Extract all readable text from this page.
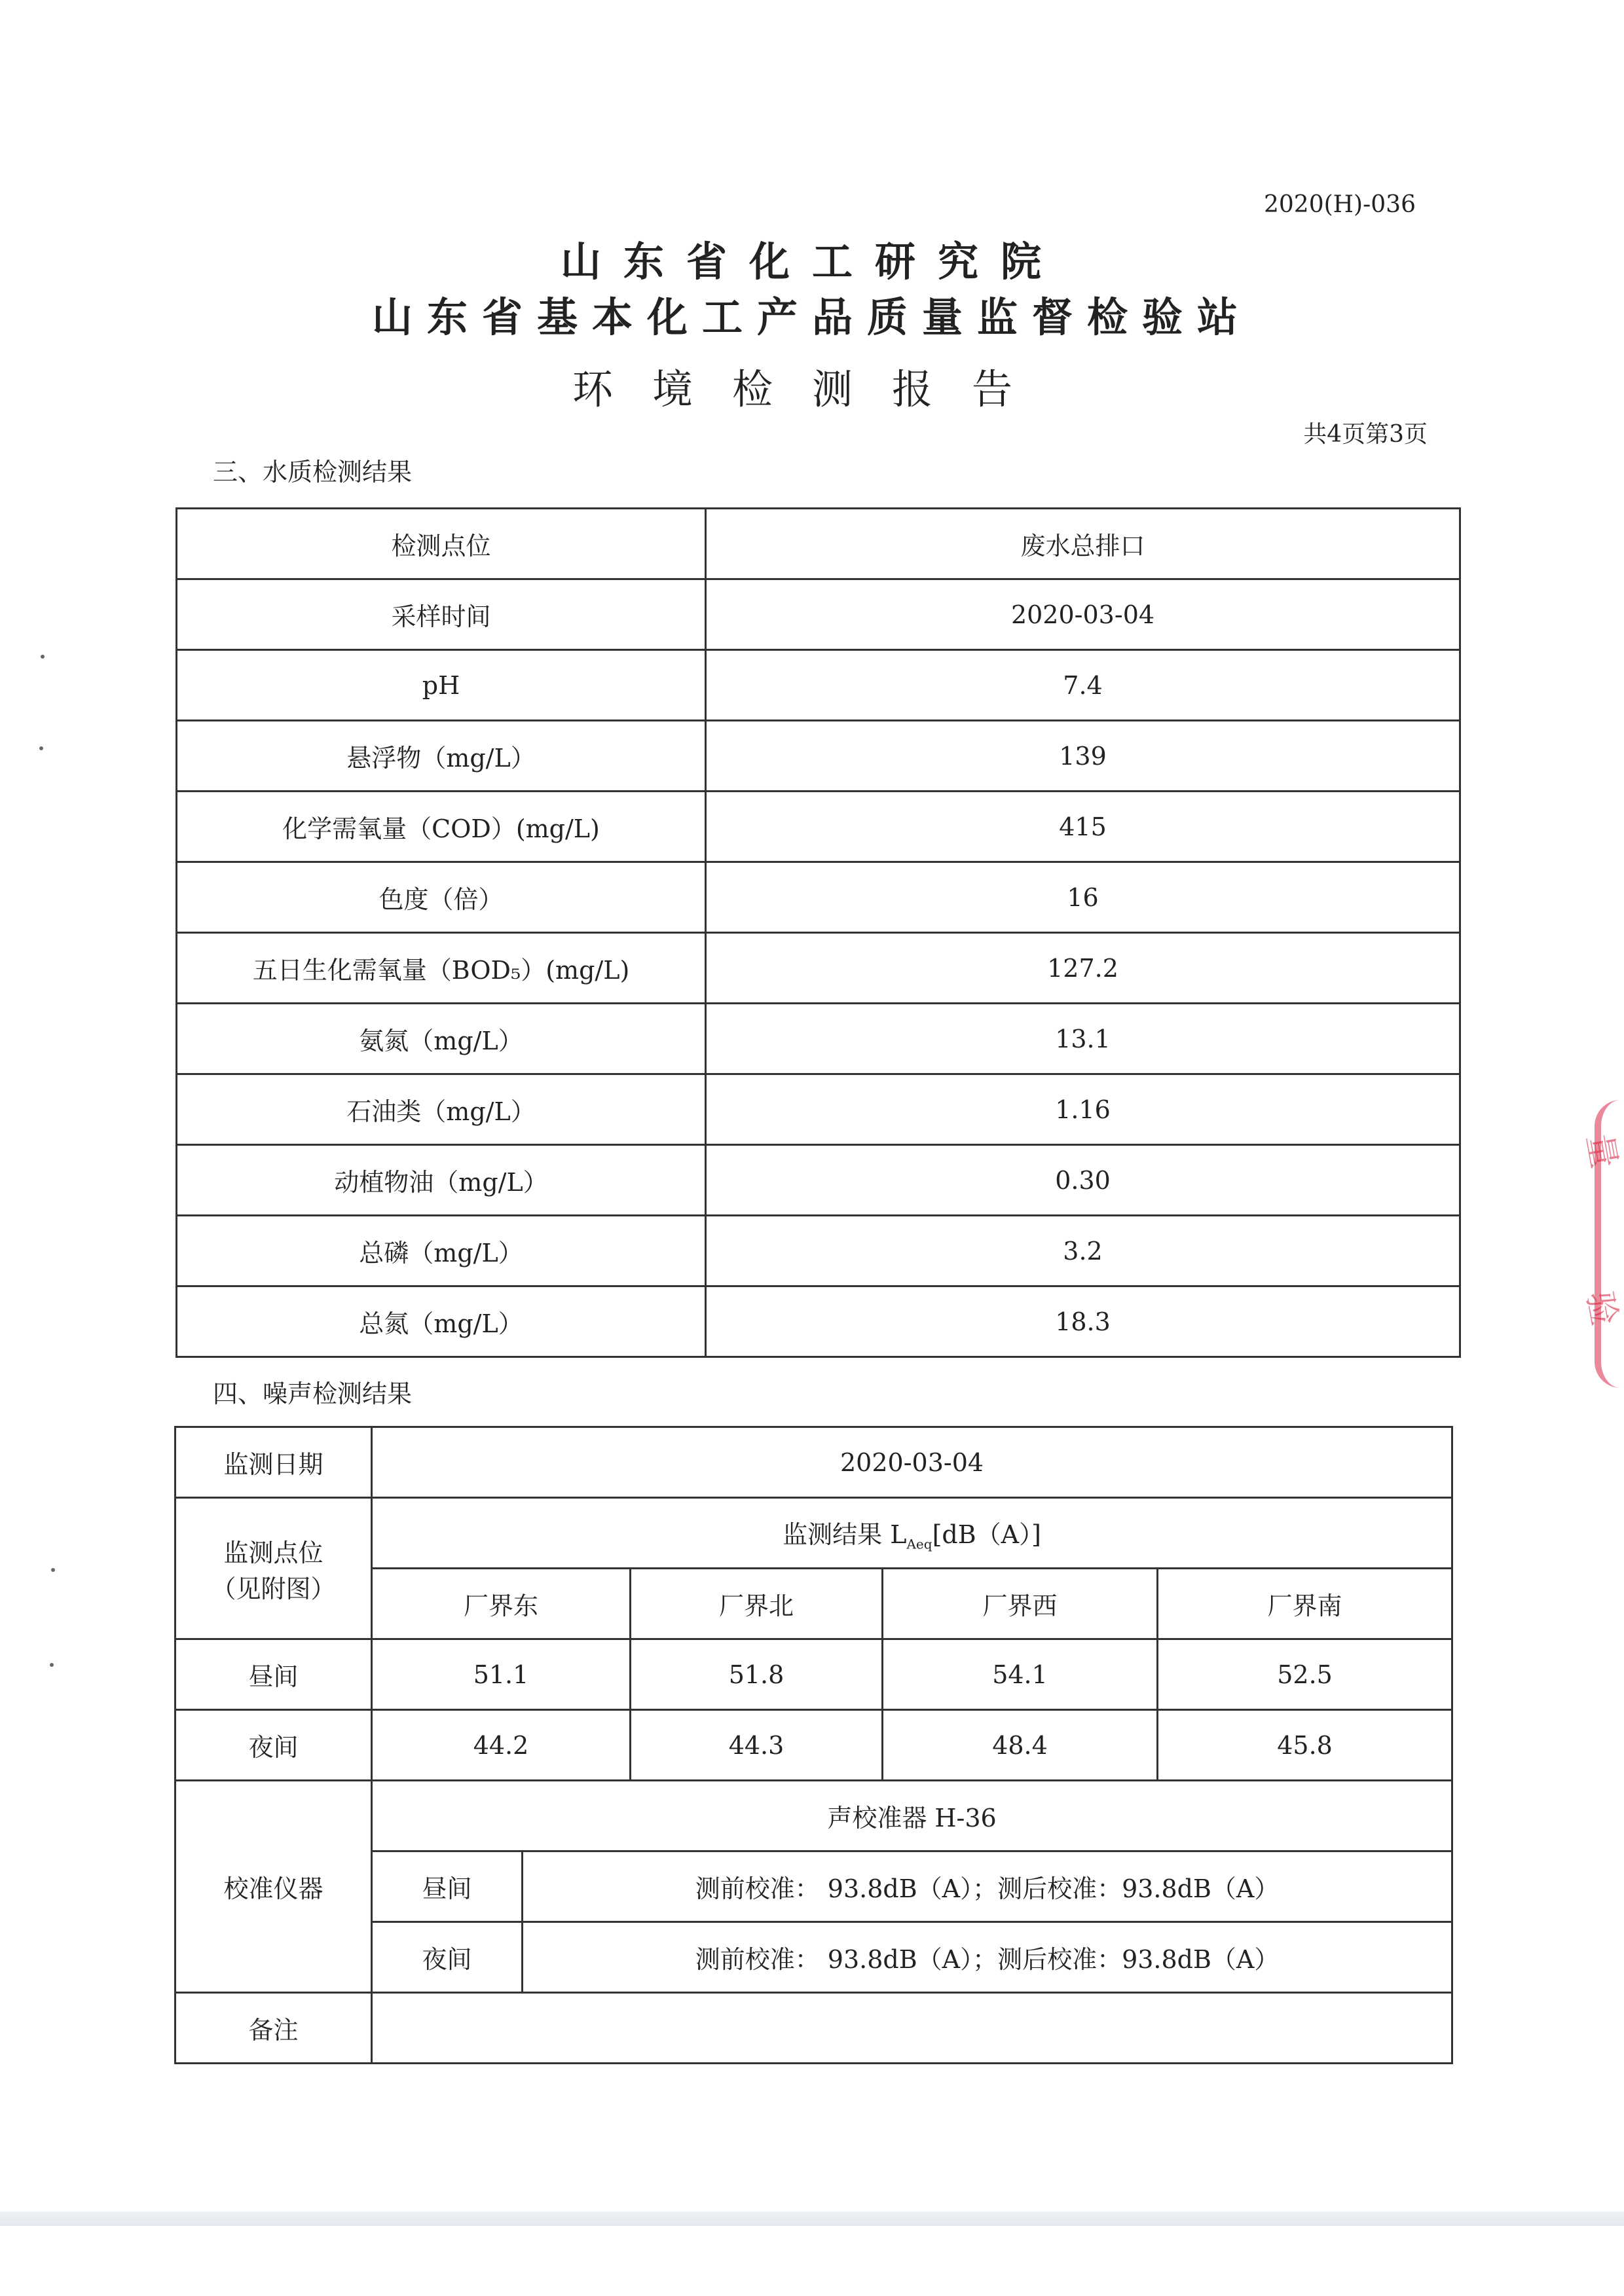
2020(H)-036
山东省化工研究院
山东省基本化工产品质量监督检验站
环境检测报告
共4页第3页
三、水质检测结果
检测点位	废水总排口
采样时间	2020-03-04
pH	7.4
悬浮物（mg/L）	139
化学需氧量（COD）(mg/L)	415
色度（倍）	16
五日生化需氧量（BOD₅）(mg/L)	127.2
氨氮（mg/L）	13.1
石油类（mg/L）	1.16
动植物油（mg/L）	0.30
总磷（mg/L）	3.2
总氮（mg/L）	18.3
四、噪声检测结果
监测日期	2020-03-04				

监测点位
（见附图）	监测结果 $L_{Aeq}[dB(A)]$				
	厂界东		厂界北	厂界西	厂界南
昼间	51.1		51.8	54.1	52.5
夜间	44.2		44.3	48.4	45.8
校准仪器	声校准器 H-36				
	昼间	测前校准： 93.8dB（A）；测后校准：93.8dB（A）			
	夜间	测前校准： 93.8dB（A）；测后校准：93.8dB（A）			
备注					
量
验
